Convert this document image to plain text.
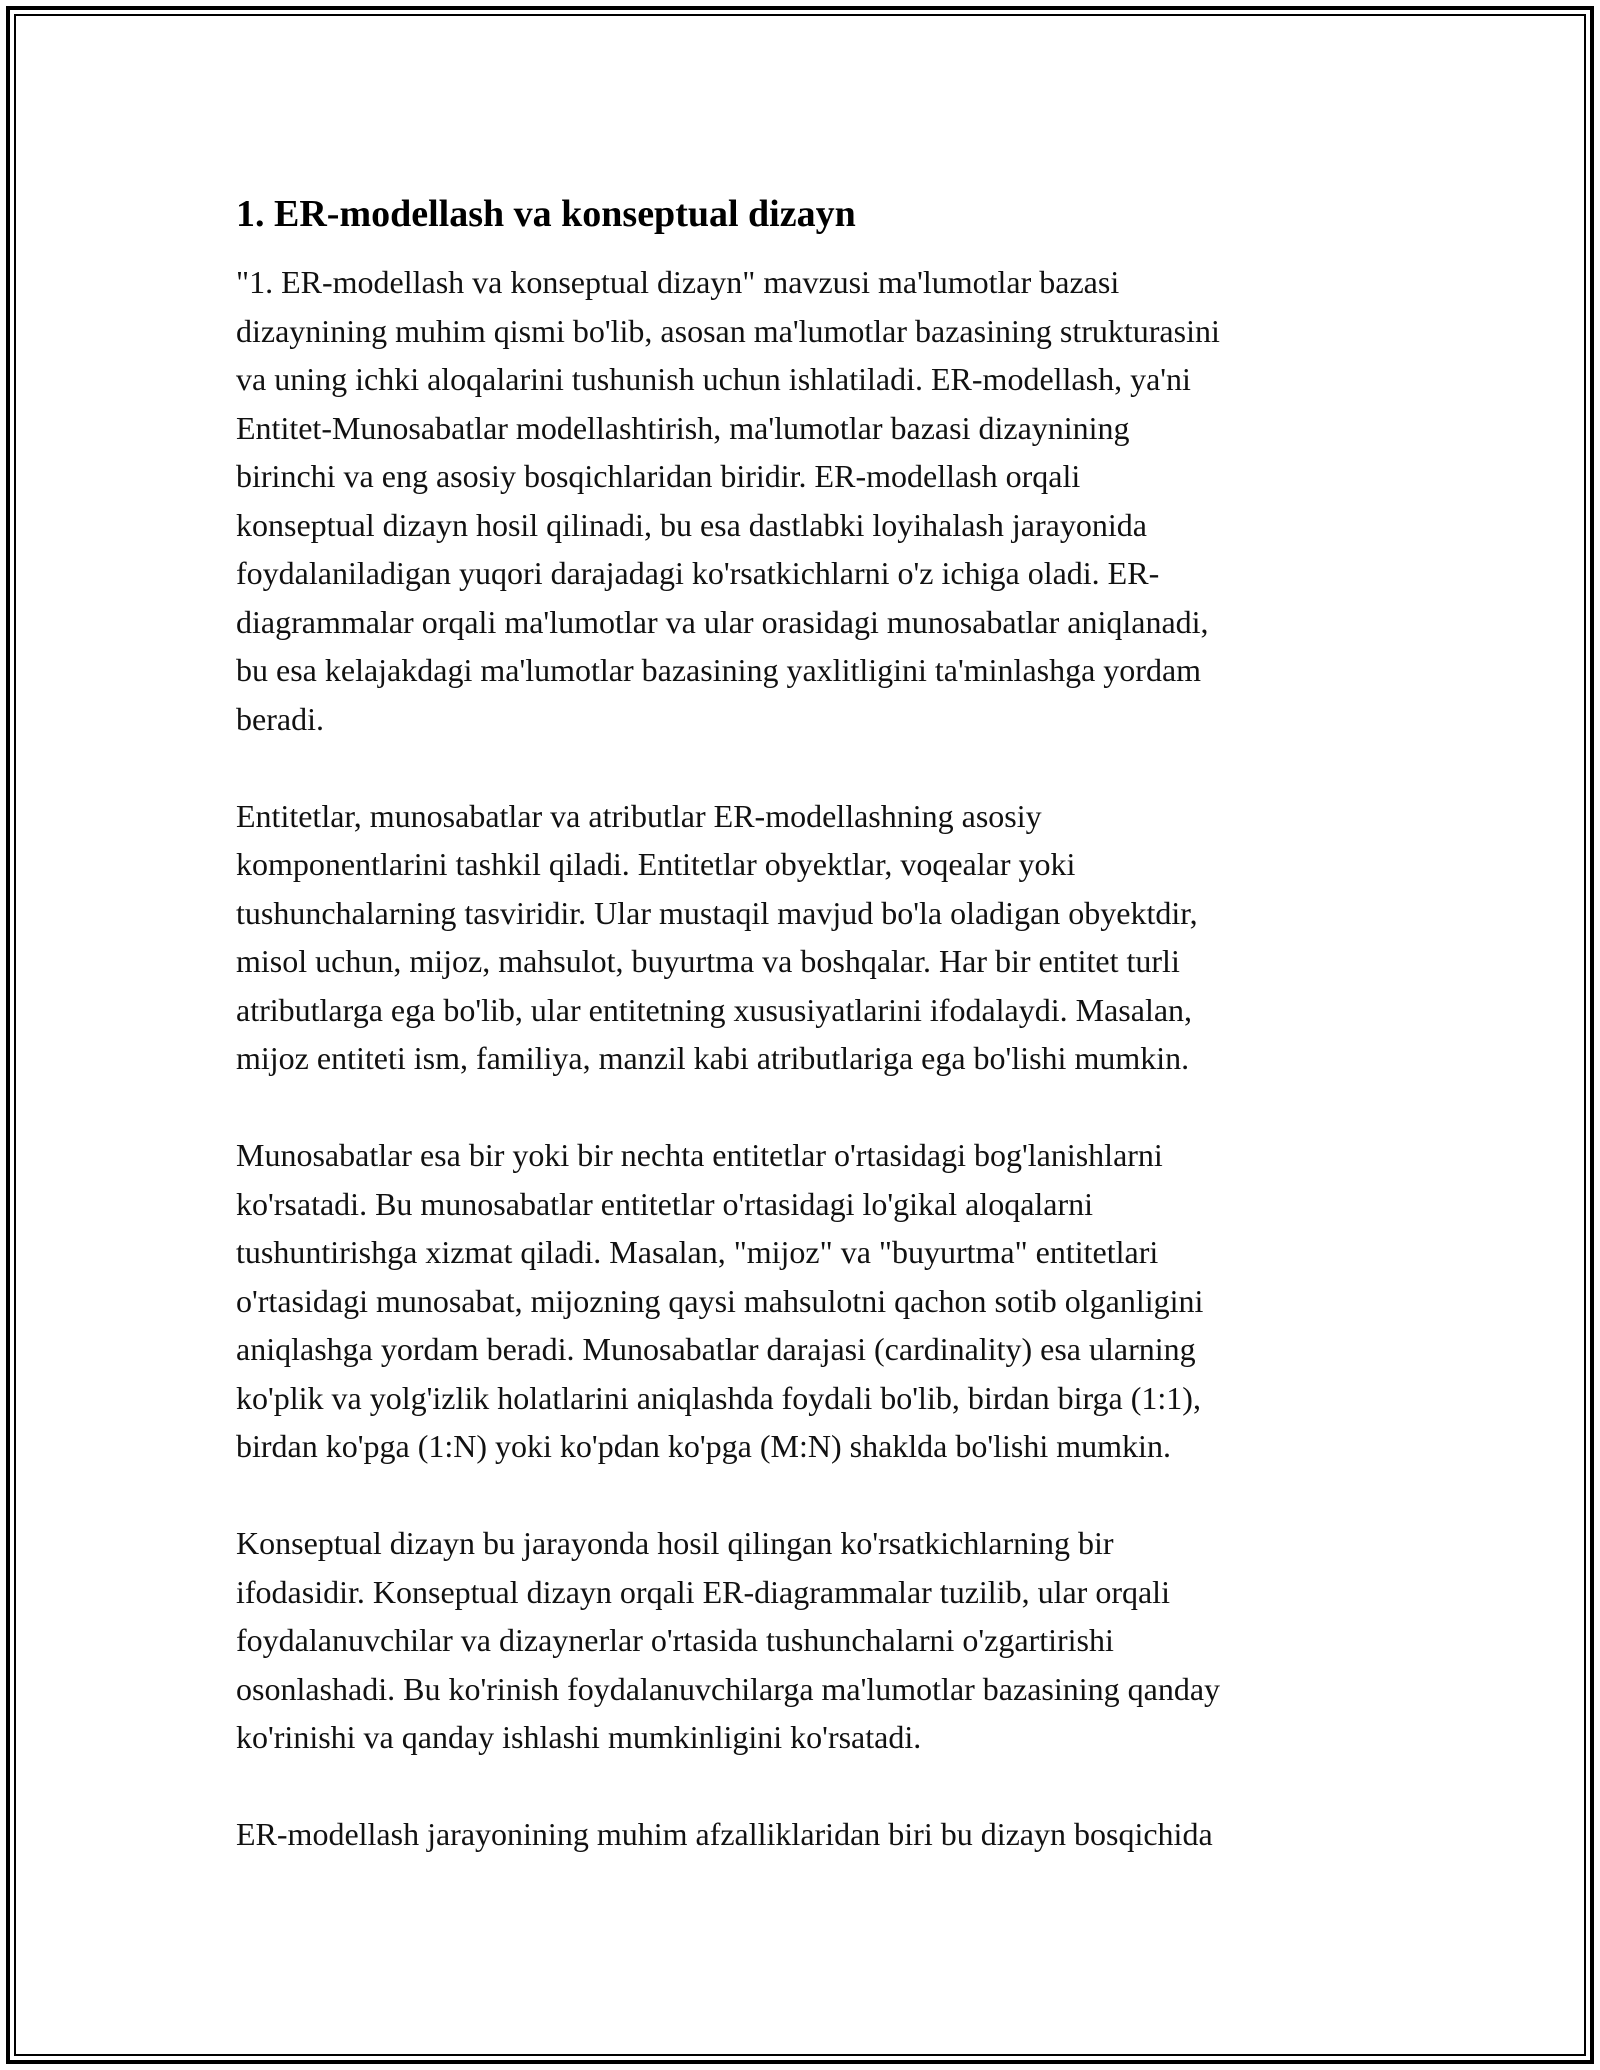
1. ER-modellash va konseptual dizayn

"1. ER-modellash va konseptual dizayn" mavzusi ma'lumotlar bazasi
dizaynining muhim qismi bo'lib, asosan ma'lumotlar bazasining strukturasini
va uning ichki aloqalarini tushunish uchun ishlatiladi. ER-modellash, ya'ni
Entitet-Munosabatlar modellashtirish, ma'lumotlar bazasi dizaynining
birinchi va eng asosiy bosqichlaridan biridir. ER-modellash orqali
konseptual dizayn hosil qilinadi, bu esa dastlabki loyihalash jarayonida
foydalaniladigan yuqori darajadagi ko'rsatkichlarni o'z ichiga oladi. ER-
diagrammalar orqali ma'lumotlar va ular orasidagi munosabatlar aniqlanadi,
bu esa kelajakdagi ma'lumotlar bazasining yaxlitligini ta'minlashga yordam
beradi.

Entitetlar, munosabatlar va atributlar ER-modellashning asosiy
komponentlarini tashkil qiladi. Entitetlar obyektlar, voqealar yoki
tushunchalarning tasviridir. Ular mustaqil mavjud bo'la oladigan obyektdir,
misol uchun, mijoz, mahsulot, buyurtma va boshqalar. Har bir entitet turli
atributlarga ega bo'lib, ular entitetning xususiyatlarini ifodalaydi. Masalan,
mijoz entiteti ism, familiya, manzil kabi atributlariga ega bo'lishi mumkin.

Munosabatlar esa bir yoki bir nechta entitetlar o'rtasidagi bog'lanishlarni
ko'rsatadi. Bu munosabatlar entitetlar o'rtasidagi lo'gikal aloqalarni
tushuntirishga xizmat qiladi. Masalan, "mijoz" va "buyurtma" entitetlari
o'rtasidagi munosabat, mijozning qaysi mahsulotni qachon sotib olganligini
aniqlashga yordam beradi. Munosabatlar darajasi (cardinality) esa ularning
ko'plik va yolg'izlik holatlarini aniqlashda foydali bo'lib, birdan birga (1:1),
birdan ko'pga (1:N) yoki ko'pdan ko'pga (M:N) shaklda bo'lishi mumkin.

Konseptual dizayn bu jarayonda hosil qilingan ko'rsatkichlarning bir
ifodasidir. Konseptual dizayn orqali ER-diagrammalar tuzilib, ular orqali
foydalanuvchilar va dizaynerlar o'rtasida tushunchalarni o'zgartirishi
osonlashadi. Bu ko'rinish foydalanuvchilarga ma'lumotlar bazasining qanday
ko'rinishi va qanday ishlashi mumkinligini ko'rsatadi.

ER-modellash jarayonining muhim afzalliklaridan biri bu dizayn bosqichida
